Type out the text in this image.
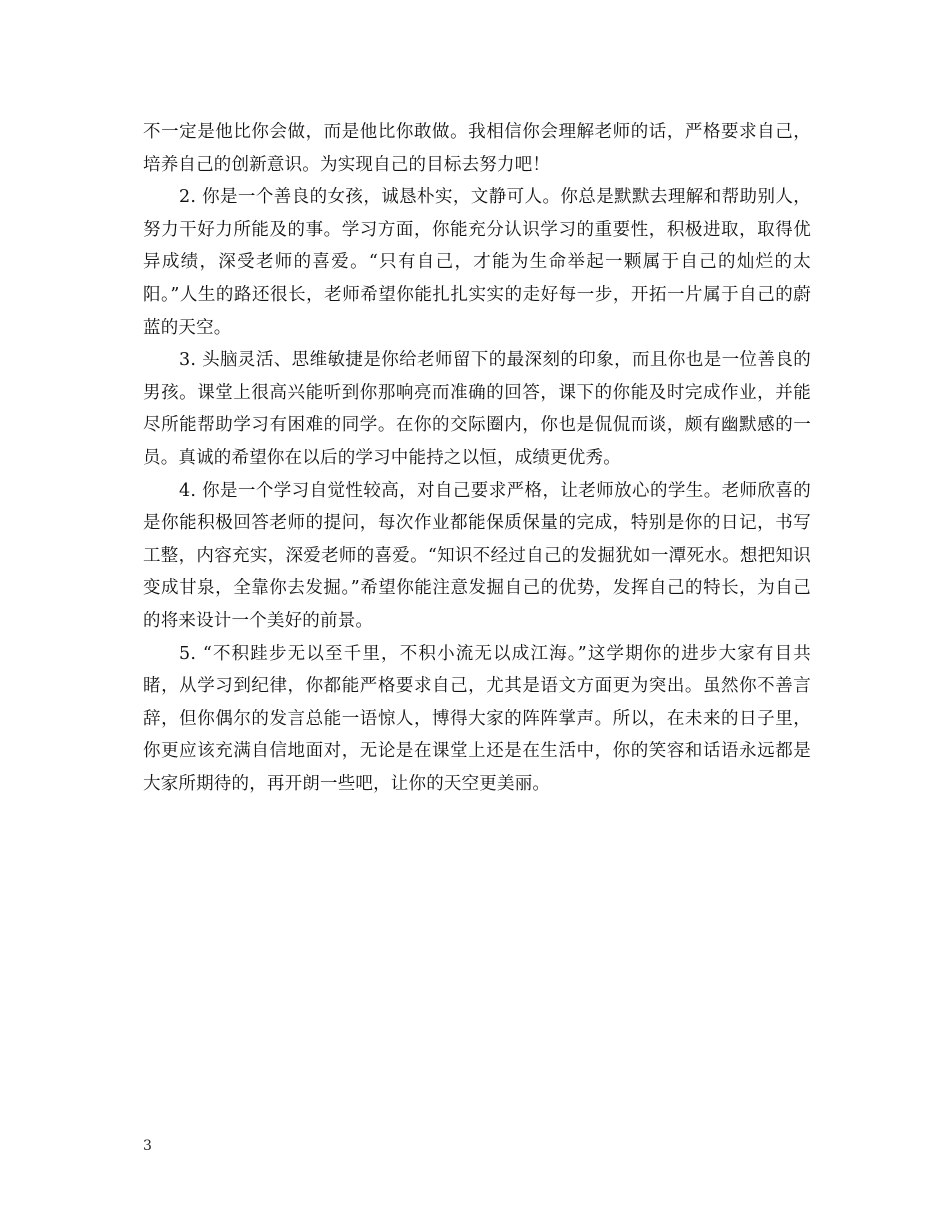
不一定是他比你会做，而是他比你敢做。我相信你会理解老师的话，严格要求自己，培养自己的创新意识。为实现自己的目标去努力吧！

2. 你是一个善良的女孩，诚恳朴实，文静可人。你总是默默去理解和帮助别人，努力干好力所能及的事。学习方面，你能充分认识学习的重要性，积极进取，取得优异成绩，深受老师的喜爱。“只有自己，才能为生命举起一颗属于自己的灿烂的太阳。”人生的路还很长，老师希望你能扎扎实实的走好每一步，开拓一片属于自己的蔚蓝的天空。

3. 头脑灵活、思维敏捷是你给老师留下的最深刻的印象，而且你也是一位善良的男孩。课堂上很高兴能听到你那响亮而准确的回答，课下的你能及时完成作业，并能尽所能帮助学习有困难的同学。在你的交际圈内，你也是侃侃而谈，颇有幽默感的一员。真诚的希望你在以后的学习中能持之以恒，成绩更优秀。

4. 你是一个学习自觉性较高，对自己要求严格，让老师放心的学生。老师欣喜的是你能积极回答老师的提问，每次作业都能保质保量的完成，特别是你的日记，书写工整，内容充实，深爱老师的喜爱。“知识不经过自己的发掘犹如一潭死水。想把知识变成甘泉，全靠你去发掘。”希望你能注意发掘自己的优势，发挥自己的特长，为自己的将来设计一个美好的前景。

5. “不积跬步无以至千里，不积小流无以成江海。”这学期你的进步大家有目共睹，从学习到纪律，你都能严格要求自己，尤其是语文方面更为突出。虽然你不善言辞，但你偶尔的发言总能一语惊人，博得大家的阵阵掌声。所以，在未来的日子里，你更应该充满自信地面对，无论是在课堂上还是在生活中，你的笑容和话语永远都是大家所期待的，再开朗一些吧，让你的天空更美丽。

3
